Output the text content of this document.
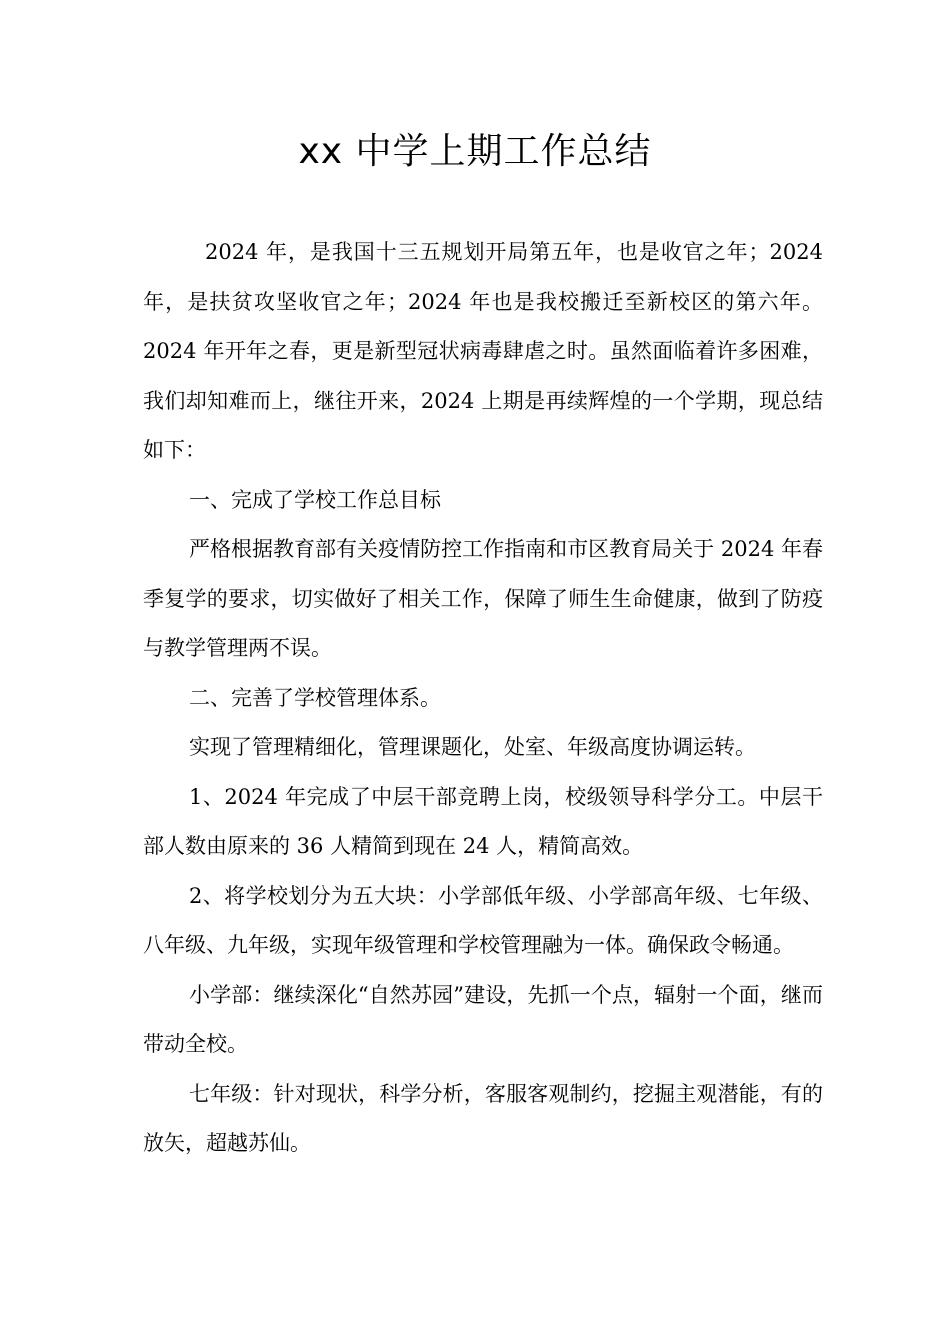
xx 中学上期工作总结

2024 年，是我国十三五规划开局第五年，也是收官之年；2024 年，是扶贫攻坚收官之年；2024 年也是我校搬迁至新校区的第六年。2024 年开年之春，更是新型冠状病毒肆虐之时。虽然面临着许多困难，我们却知难而上，继往开来，2024 上期是再续辉煌的一个学期，现总结如下：

一、完成了学校工作总目标

严格根据教育部有关疫情防控工作指南和市区教育局关于 2024 年春季复学的要求，切实做好了相关工作，保障了师生生命健康，做到了防疫与教学管理两不误。

二、完善了学校管理体系。

实现了管理精细化，管理课题化，处室、年级高度协调运转。

1、2024 年完成了中层干部竞聘上岗，校级领导科学分工。中层干部人数由原来的 36 人精简到现在 24 人，精简高效。

2、将学校划分为五大块：小学部低年级、小学部高年级、七年级、八年级、九年级，实现年级管理和学校管理融为一体。确保政令畅通。

小学部：继续深化“自然苏园”建设，先抓一个点，辐射一个面，继而带动全校。

七年级：针对现状，科学分析，客服客观制约，挖掘主观潜能，有的放矢，超越苏仙。
